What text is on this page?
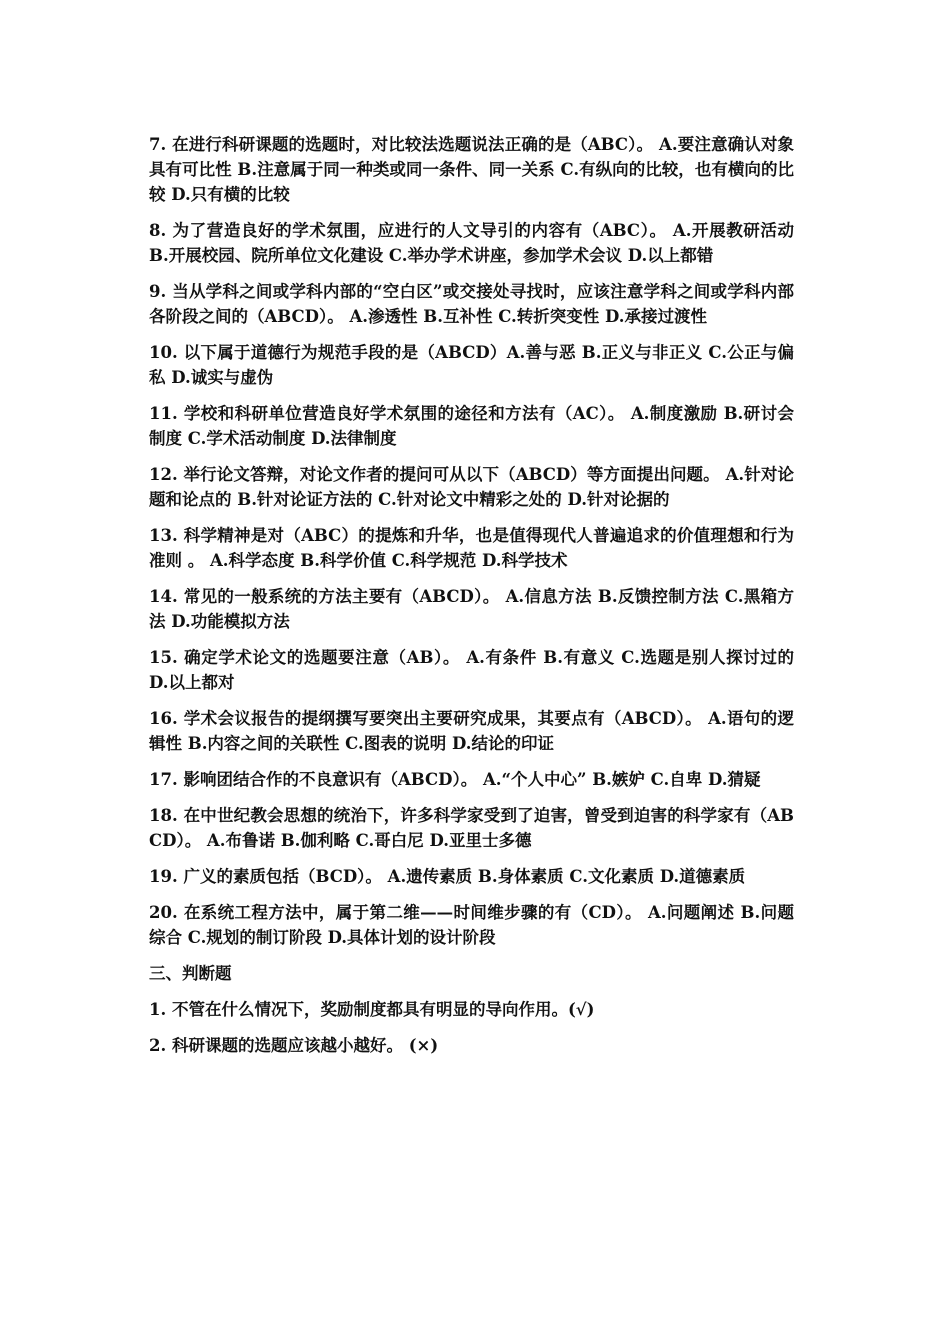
7. 在进行科研课题的选题时，对比较法选题说法正确的是（ABC）。 A.要注意确认对象具有可比性 B.注意属于同一种类或同一条件、同一关系 C.有纵向的比较，也有横向的比较 D.只有横的比较

8. 为了营造良好的学术氛围，应进行的人文导引的内容有（ABC）。 A.开展教研活动 B.开展校园、院所单位文化建设 C.举办学术讲座，参加学术会议 D.以上都错

9. 当从学科之间或学科内部的“空白区”或交接处寻找时，应该注意学科之间或学科内部各阶段之间的（ABCD）。 A.渗透性 B.互补性 C.转折突变性 D.承接过渡性

10. 以下属于道德行为规范手段的是（ABCD）A.善与恶 B.正义与非正义 C.公正与偏私 D.诚实与虚伪

11. 学校和科研单位营造良好学术氛围的途径和方法有（AC）。 A.制度激励 B.研讨会制度 C.学术活动制度 D.法律制度

12. 举行论文答辩，对论文作者的提问可从以下（ABCD）等方面提出问题。 A.针对论题和论点的 B.针对论证方法的 C.针对论文中精彩之处的 D.针对论据的

13. 科学精神是对（ABC）的提炼和升华，也是值得现代人普遍追求的价值理想和行为准则 。 A.科学态度 B.科学价值 C.科学规范 D.科学技术

14. 常见的一般系统的方法主要有（ABCD）。 A.信息方法 B.反馈控制方法 C.黑箱方法 D.功能模拟方法

15. 确定学术论文的选题要注意（AB）。 A.有条件 B.有意义 C.选题是别人探讨过的 D.以上都对

16. 学术会议报告的提纲撰写要突出主要研究成果，其要点有（ABCD）。 A.语句的逻辑性 B.内容之间的关联性 C.图表的说明 D.结论的印证

17. 影响团结合作的不良意识有（ABCD）。 A.“个人中心” B.嫉妒 C.自卑 D.猜疑

18. 在中世纪教会思想的统治下，许多科学家受到了迫害，曾受到迫害的科学家有（ABCD）。 A.布鲁诺 B.伽利略 C.哥白尼 D.亚里士多德

19. 广义的素质包括（BCD）。 A.遗传素质 B.身体素质 C.文化素质 D.道德素质

20. 在系统工程方法中，属于第二维——时间维步骤的有（CD）。 A.问题阐述 B.问题综合 C.规划的制订阶段 D.具体计划的设计阶段

三、判断题

1. 不管在什么情况下，奖励制度都具有明显的导向作用。(√)

2. 科研课题的选题应该越小越好。 (×)
